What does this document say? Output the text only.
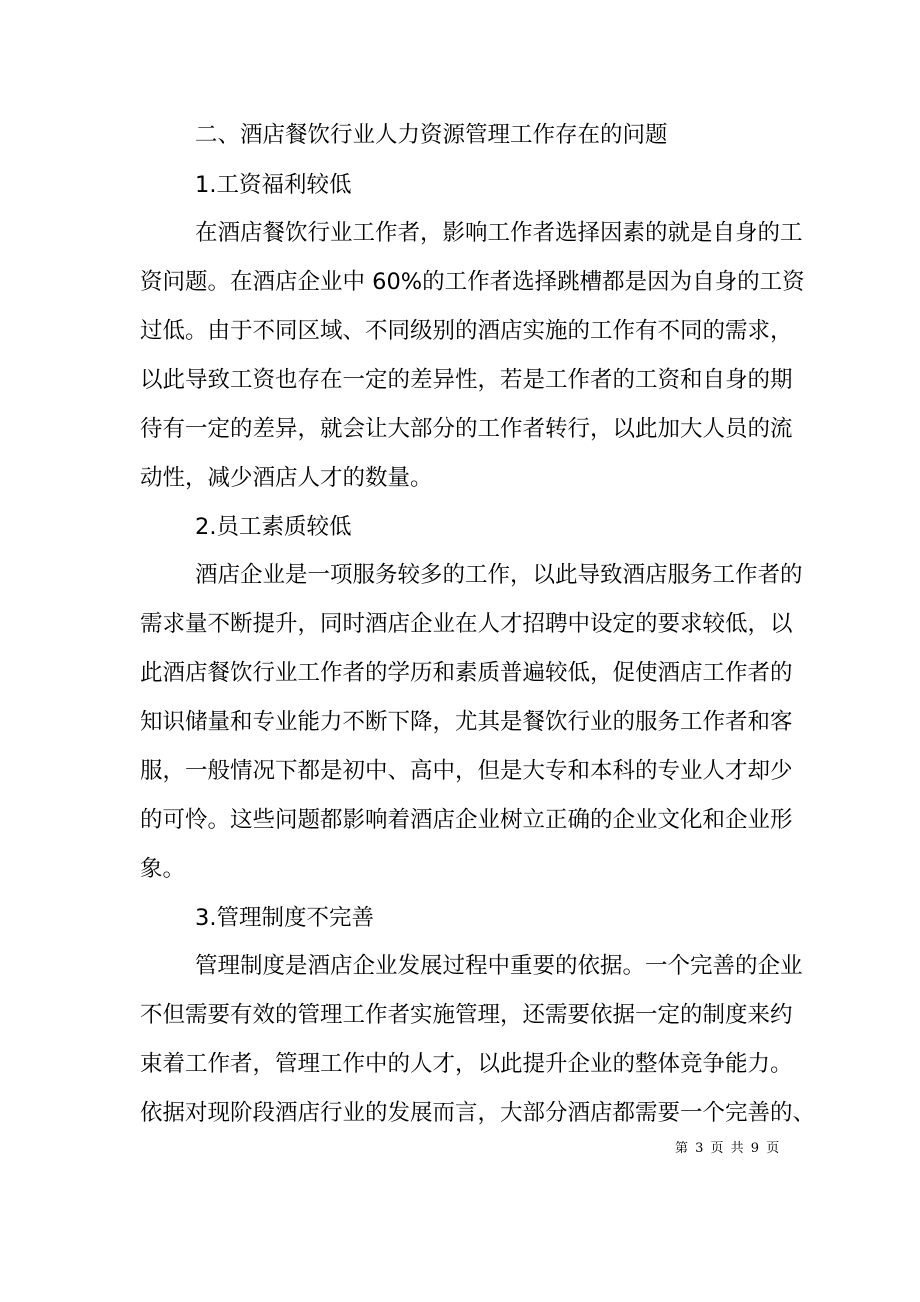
二、酒店餐饮行业人力资源管理工作存在的问题
1.工资福利较低
在酒店餐饮行业工作者，影响工作者选择因素的就是自身的工
资问题。在酒店企业中 60%的工作者选择跳槽都是因为自身的工资
过低。由于不同区域、不同级别的酒店实施的工作有不同的需求，
以此导致工资也存在一定的差异性，若是工作者的工资和自身的期
待有一定的差异，就会让大部分的工作者转行，以此加大人员的流
动性，减少酒店人才的数量。
2.员工素质较低
酒店企业是一项服务较多的工作，以此导致酒店服务工作者的
需求量不断提升，同时酒店企业在人才招聘中设定的要求较低，以
此酒店餐饮行业工作者的学历和素质普遍较低，促使酒店工作者的
知识储量和专业能力不断下降，尤其是餐饮行业的服务工作者和客
服，一般情况下都是初中、高中，但是大专和本科的专业人才却少
的可怜。这些问题都影响着酒店企业树立正确的企业文化和企业形
象。
3.管理制度不完善
管理制度是酒店企业发展过程中重要的依据。一个完善的企业
不但需要有效的管理工作者实施管理，还需要依据一定的制度来约
束着工作者，管理工作中的人才，以此提升企业的整体竞争能力。
依据对现阶段酒店行业的发展而言，大部分酒店都需要一个完善的、
第 3 页 共 9 页
